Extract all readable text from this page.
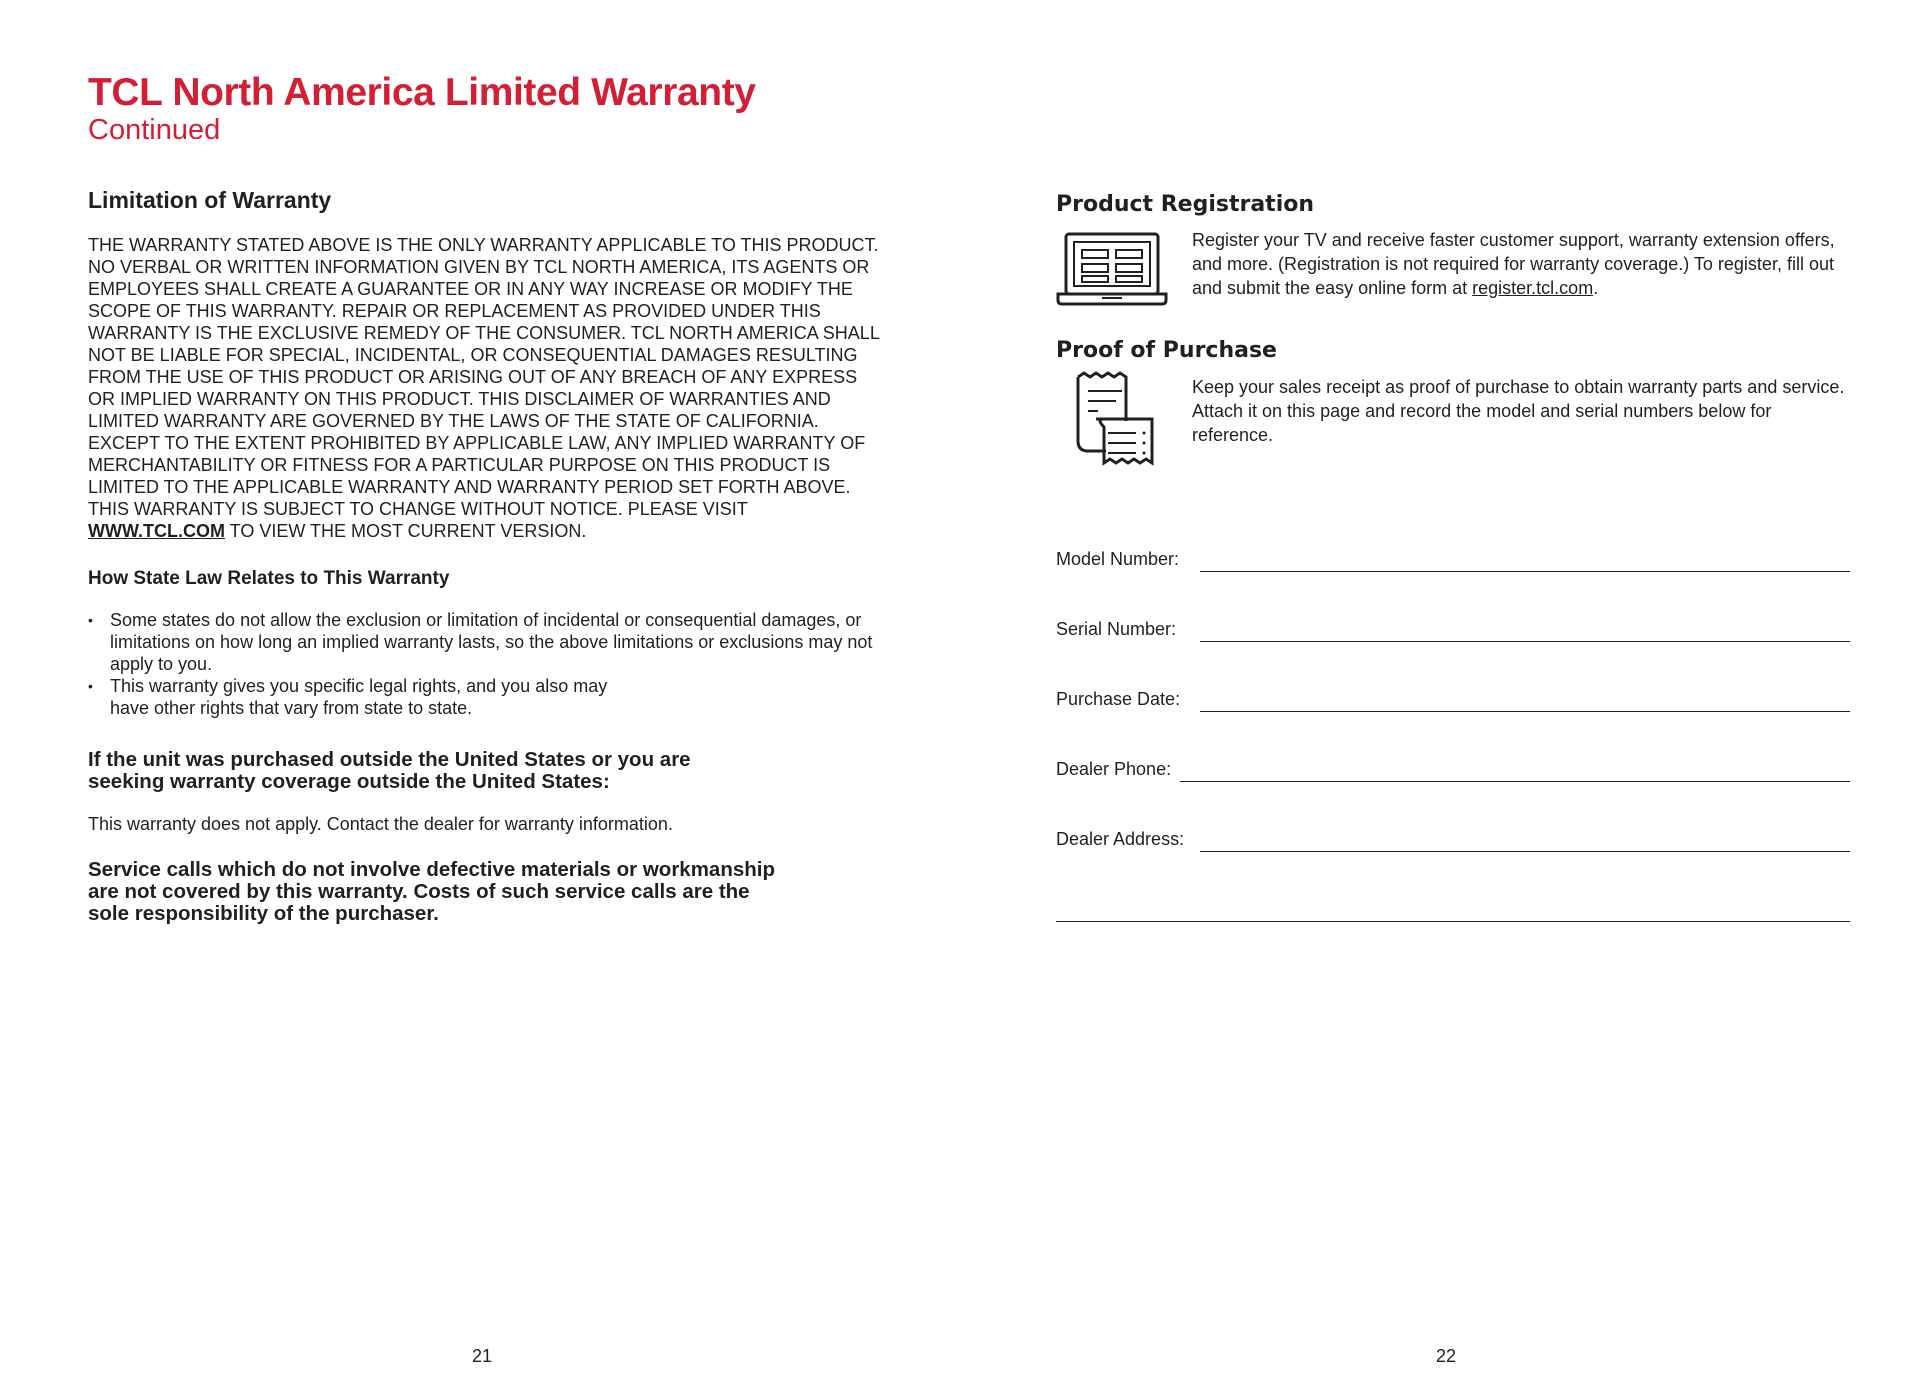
TCL North America Limited Warranty

Continued

Limitation of Warranty

THE WARRANTY STATED ABOVE IS THE ONLY WARRANTY APPLICABLE TO THIS PRODUCT. NO VERBAL OR WRITTEN INFORMATION GIVEN BY TCL NORTH AMERICA, ITS AGENTS OR EMPLOYEES SHALL CREATE A GUARANTEE OR IN ANY WAY INCREASE OR MODIFY THE SCOPE OF THIS WARRANTY. REPAIR OR REPLACEMENT AS PROVIDED UNDER THIS WARRANTY IS THE EXCLUSIVE REMEDY OF THE CONSUMER. TCL NORTH AMERICA SHALL NOT BE LIABLE FOR SPECIAL, INCIDENTAL, OR CONSEQUENTIAL DAMAGES RESULTING FROM THE USE OF THIS PRODUCT OR ARISING OUT OF ANY BREACH OF ANY EXPRESS OR IMPLIED WARRANTY ON THIS PRODUCT. THIS DISCLAIMER OF WARRANTIES AND LIMITED WARRANTY ARE GOVERNED BY THE LAWS OF THE STATE OF CALIFORNIA. EXCEPT TO THE EXTENT PROHIBITED BY APPLICABLE LAW, ANY IMPLIED WARRANTY OF MERCHANTABILITY OR FITNESS FOR A PARTICULAR PURPOSE ON THIS PRODUCT IS LIMITED TO THE APPLICABLE WARRANTY AND WARRANTY PERIOD SET FORTH ABOVE. THIS WARRANTY IS SUBJECT TO CHANGE WITHOUT NOTICE. PLEASE VISIT WWW.TCL.COM TO VIEW THE MOST CURRENT VERSION.

How State Law Relates to This Warranty
• Some states do not allow the exclusion or limitation of incidental or consequential damages, or limitations on how long an implied warranty lasts, so the above limitations or exclusions may not apply to you.
• This warranty gives you specific legal rights, and you also may have other rights that vary from state to state.

If the unit was purchased outside the United States or you are
seeking warranty coverage outside the United States:

This warranty does not apply. Contact the dealer for warranty information.

Service calls which do not involve defective materials or workmanship
are not covered by this warranty. Costs of such service calls are the
sole responsibility of the purchaser.

Product Registration

Register your TV and receive faster customer support, warranty extension offers, and more. (Registration is not required for warranty coverage.) To register, fill out and submit the easy online form at register.tcl.com.

Proof of Purchase

Keep your sales receipt as proof of purchase to obtain warranty parts and service. Attach it on this page and record the model and serial numbers below for reference.

Model Number:
Serial Number:
Purchase Date:
Dealer Phone:
Dealer Address:
21	22
